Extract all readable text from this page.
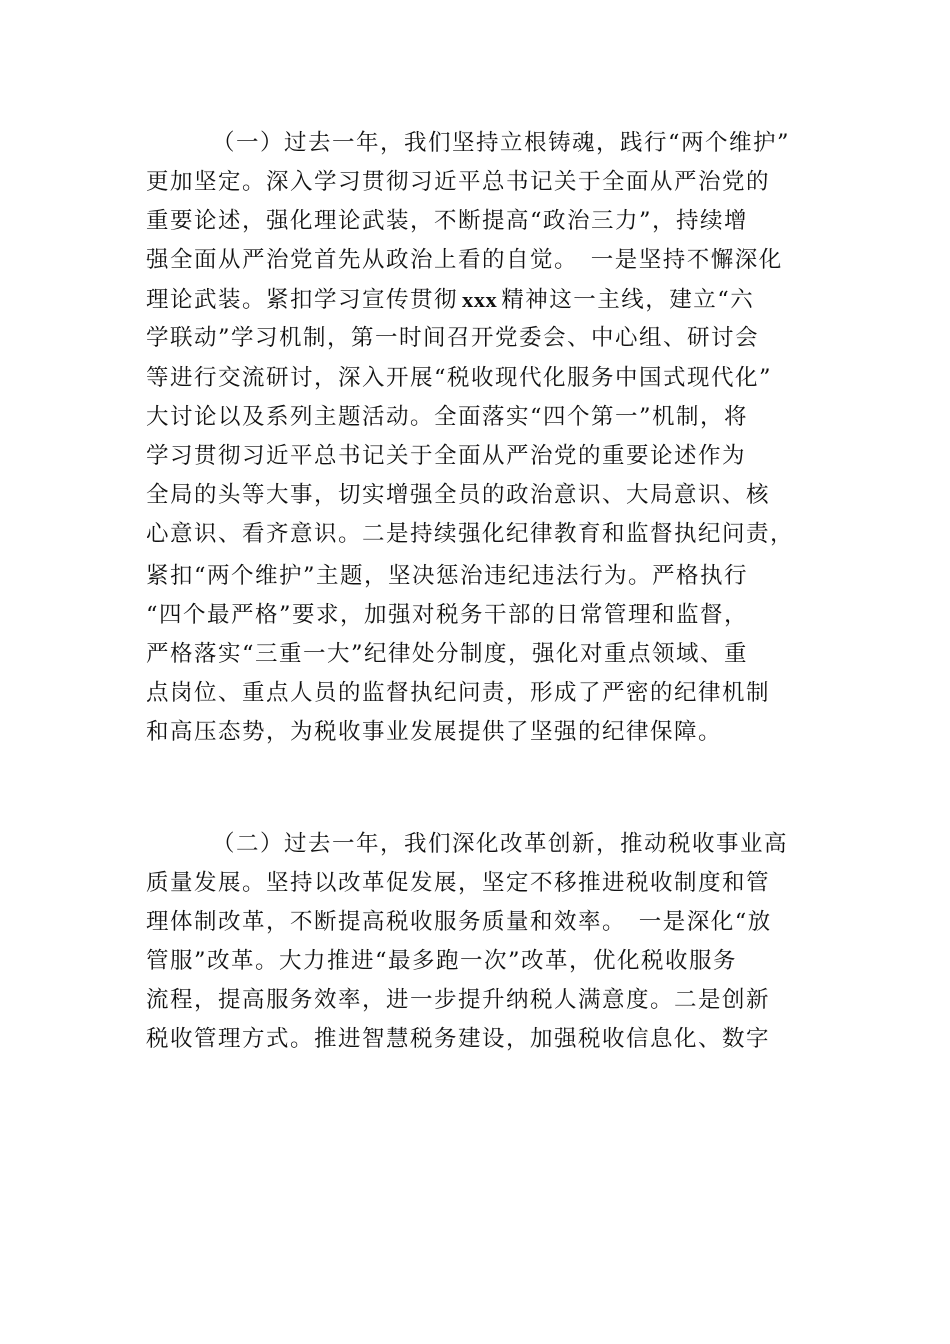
（一）过去一年，我们坚持立根铸魂，践行“两个维护”
更加坚定。深入学习贯彻习近平总书记关于全面从严治党的
重要论述，强化理论武装，不断提高“政治三力”，持续增
强全面从严治党首先从政治上看的自觉。　一是坚持不懈深化
理论武装。紧扣学习宣传贯彻 xxx 精神这一主线，建立“六
学联动”学习机制，第一时间召开党委会、中心组、研讨会
等进行交流研讨，深入开展“税收现代化服务中国式现代化”
大讨论以及系列主题活动。全面落实“四个第一”机制，将
学习贯彻习近平总书记关于全面从严治党的重要论述作为
全局的头等大事，切实增强全员的政治意识、大局意识、核
心意识、看齐意识。二是持续强化纪律教育和监督执纪问责，
紧扣“两个维护”主题，坚决惩治违纪违法行为。严格执行
“四个最严格”要求，加强对税务干部的日常管理和监督，
严格落实“三重一大”纪律处分制度，强化对重点领域、重
点岗位、重点人员的监督执纪问责，形成了严密的纪律机制
和高压态势，为税收事业发展提供了坚强的纪律保障。
（二）过去一年，我们深化改革创新，推动税收事业高
质量发展。坚持以改革促发展，坚定不移推进税收制度和管
理体制改革，不断提高税收服务质量和效率。　一是深化“放
管服”改革。大力推进“最多跑一次”改革，优化税收服务
流程，提高服务效率，进一步提升纳税人满意度。二是创新
税收管理方式。推进智慧税务建设，加强税收信息化、数字
